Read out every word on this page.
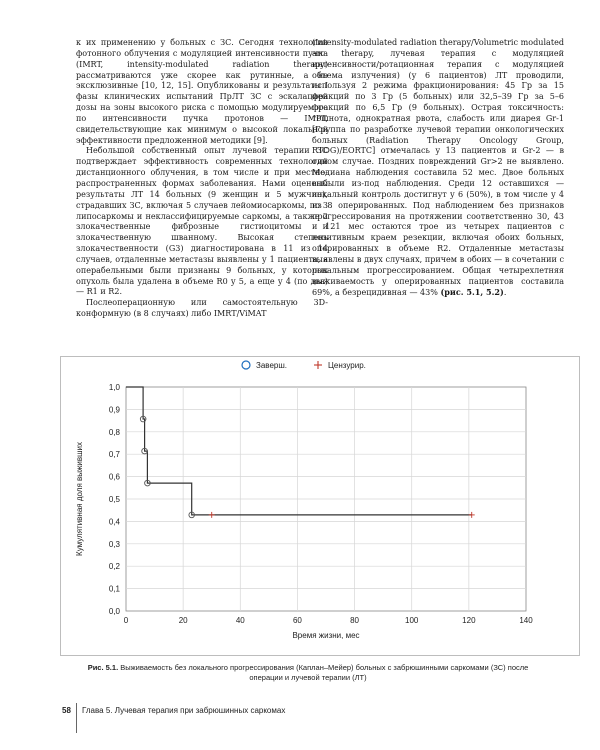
к их применению у больных с ЗС. Сегодня технологии фотонного облучения с модуляцией интенсивности пучка (IMRT, intensity-modulated radiation therapy) рассматриваются уже скорее как рутинные, а не эксклюзивные [10, 12, 15]. Опубликованы и результаты I фазы клинических испытаний ПрЛТ ЗС с эскалацией дозы на зоны высокого риска с помощью модулируемого по интенсивности пучка протонов — IMPT, свидетельствующие как минимум о высокой локальной эффективности предложенной методики [9].

Небольшой собственный опыт лучевой терапии ЗС подтверждает эффективность современных технологий дистанционного облучения, в том числе и при местно-распространенных формах заболевания. Нами оценены результаты ЛТ 14 больных (9 женщин и 5 мужчин), страдавших ЗС, включая 5 случаев лейомиосаркомы, по 3 липосаркомы и неклассифицируемые саркомы, а также 2 злокачественные фиброзные гистиоцитомы и злокачественную шванному. Высокая степень злокачественности (G3) диагностирована в 11 из 14 случаев, отдаленные метастазы выявлены у 1 пациента, а операбельными были признаны 9 больных, у которых опухоль была удалена в объеме R0 у 5, а еще у 4 (по два) — R1 и R2.

Послеоперационную или самостоятельную 3D-конформную (в 8 случаях) либо IMRT/ViMAT

(Intensity-modulated radiation therapy/Volumetric modulated arc therapy, лучевая терапия с модуляцией интенсивности/ротационная терапия с модуляцией объема излучения) (у 6 пациентов) ЛТ проводили, используя 2 режима фракционирования: 45 Гр за 15 фракций по 3 Гр (5 больных) или 32,5–39 Гр за 5–6 фракций по 6,5 Гр (9 больных). Острая токсичность: тошнота, однократная рвота, слабость или диарея Gr-1 [Группа по разработке лучевой терапии онкологических больных (Radiation Therapy Oncology Group, RTOG)/EORTC] отмечалась у 13 пациентов и Gr-2 — в одном случае. Поздних повреждений Gr>2 не выявлено. Медиана наблюдения составила 52 мес. Двое больных выбыли из-под наблюдения. Среди 12 оставшихся — локальный контроль достигнут у 6 (50%), в том числе у 4 из 8 оперированных. Под наблюдением без признаков прогрессирования на протяжении соответственно 30, 43 и 121 мес остаются трое из четырех пациентов с позитивным краем резекции, включая обоих больных, оперированных в объеме R2. Отдаленные метастазы выявлены в двух случаях, причем в обоих — в сочетании с локальным прогрессированием. Общая четырехлетняя выживаемость у оперированных пациентов составила 69%, а безрецидивная — 43% (рис. 5.1, 5.2).

0	20	40	60	80	100	120	140
0,0
0,1
0,2
0,3
0,4
0,5
0,6
0,7
0,8
0,9
1,0
Время жизни, мес
Кумулятивная доля выживших
Заверш.	Цензурир.
Рис. 5.1. Выживаемость без локального прогрессирования (Каплан–Мейер) больных с забрюшинными саркомами (ЗС) после операции и лучевой терапии (ЛТ)
58 Глава 5. Лучевая терапия при забрюшинных саркомах
